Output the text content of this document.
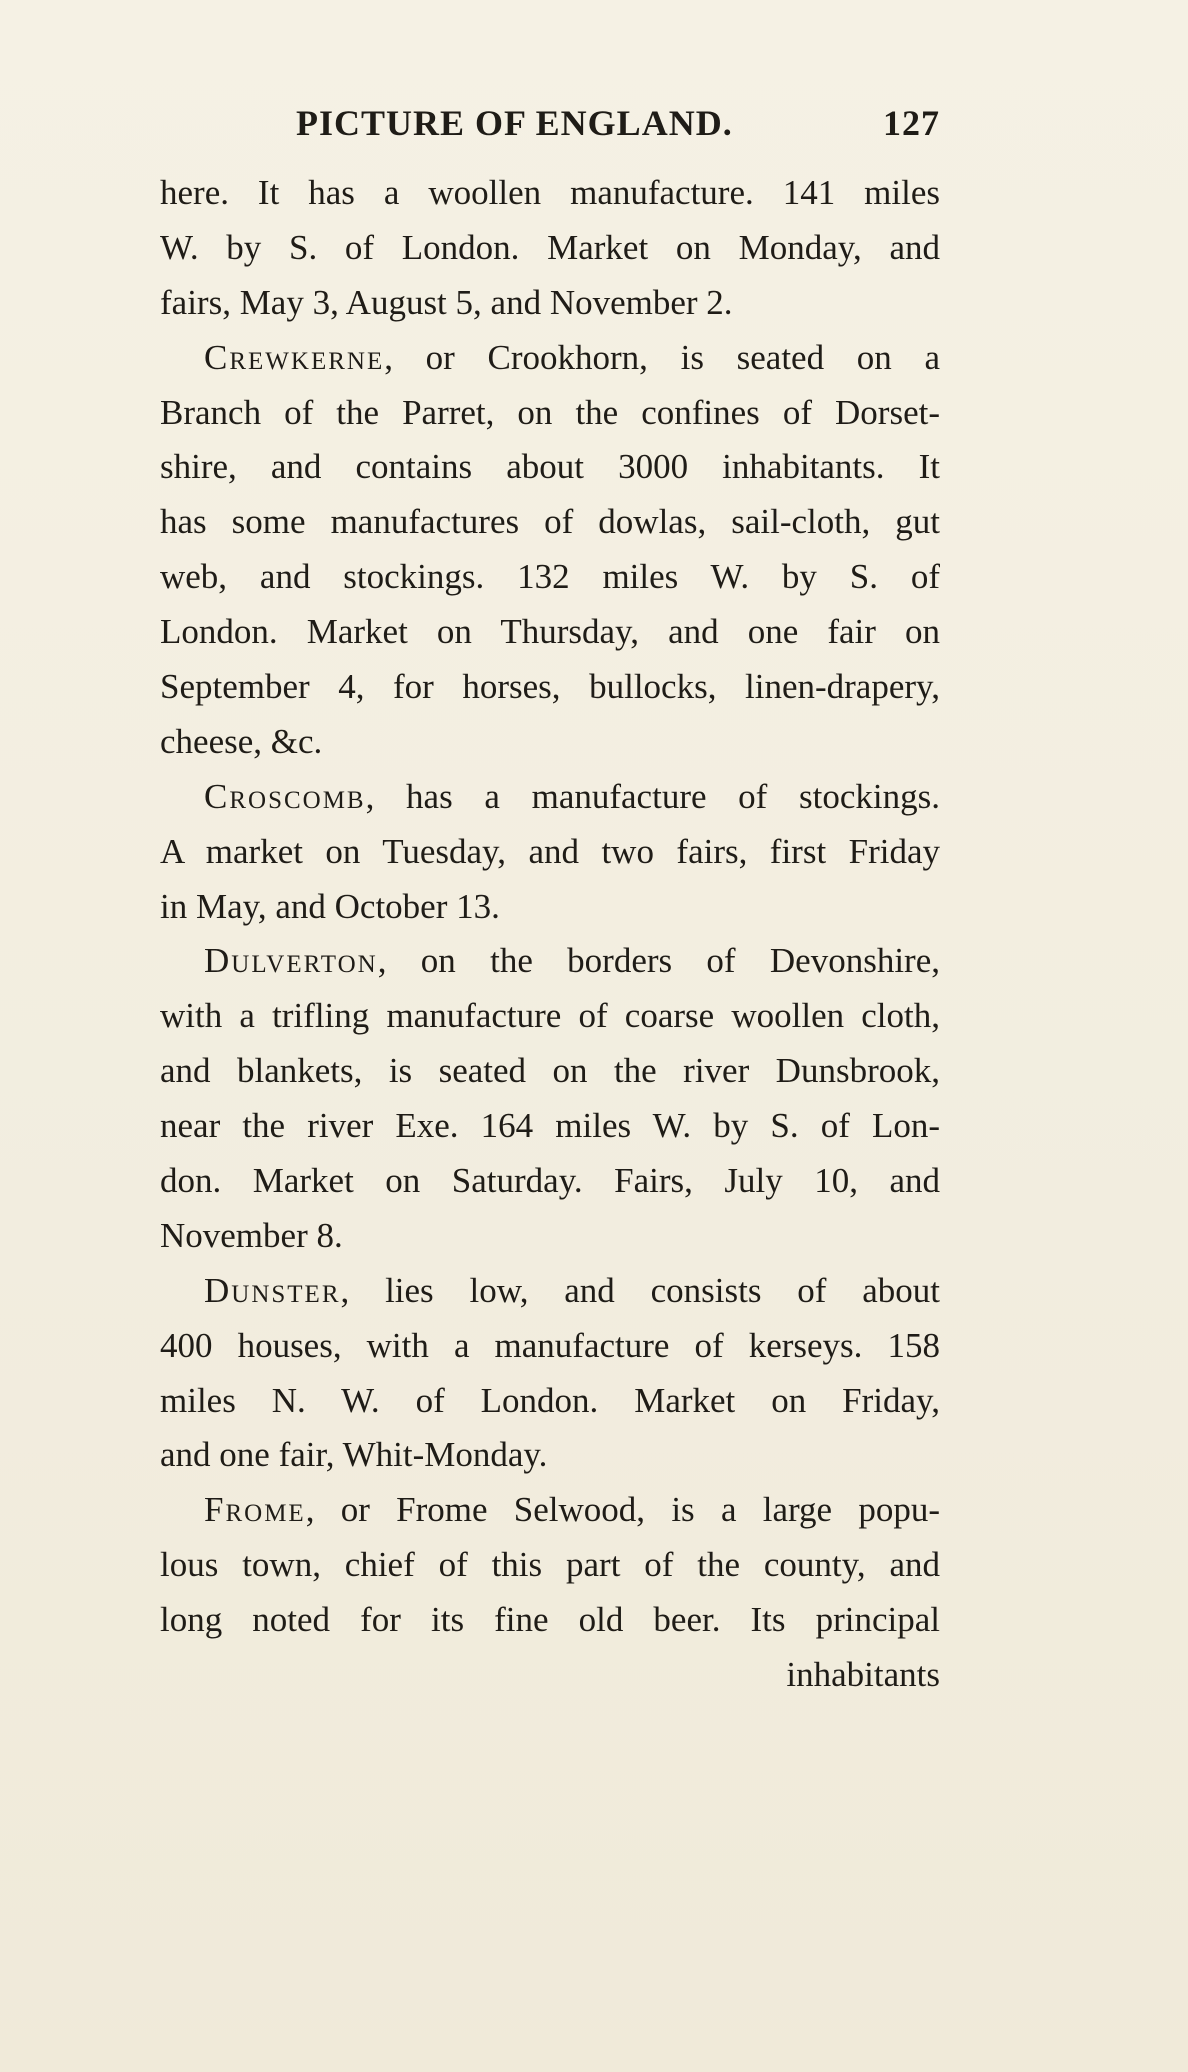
PICTURE OF ENGLAND.	127
here. It has a woollen manufacture. 141 miles
W. by S. of London. Market on Monday, and
fairs, May 3, August 5, and November 2.
Crewkerne, or Crookhorn, is seated on a
Branch of the Parret, on the confines of Dorset-
shire, and contains about 3000 inhabitants. It
has some manufactures of dowlas, sail-cloth, gut
web, and stockings. 132 miles W. by S. of
London. Market on Thursday, and one fair on
September 4, for horses, bullocks, linen-drapery,
cheese, &c.
Croscomb, has a manufacture of stockings.
A market on Tuesday, and two fairs, first Friday
in May, and October 13.
Dulverton, on the borders of Devonshire,
with a trifling manufacture of coarse woollen cloth,
and blankets, is seated on the river Dunsbrook,
near the river Exe. 164 miles W. by S. of Lon-
don. Market on Saturday. Fairs, July 10, and
November 8.
Dunster, lies low, and consists of about
400 houses, with a manufacture of kerseys. 158
miles N. W. of London. Market on Friday,
and one fair, Whit-Monday.
Frome, or Frome Selwood, is a large popu-
lous town, chief of this part of the county, and
long noted for its fine old beer. Its principal
inhabitants
